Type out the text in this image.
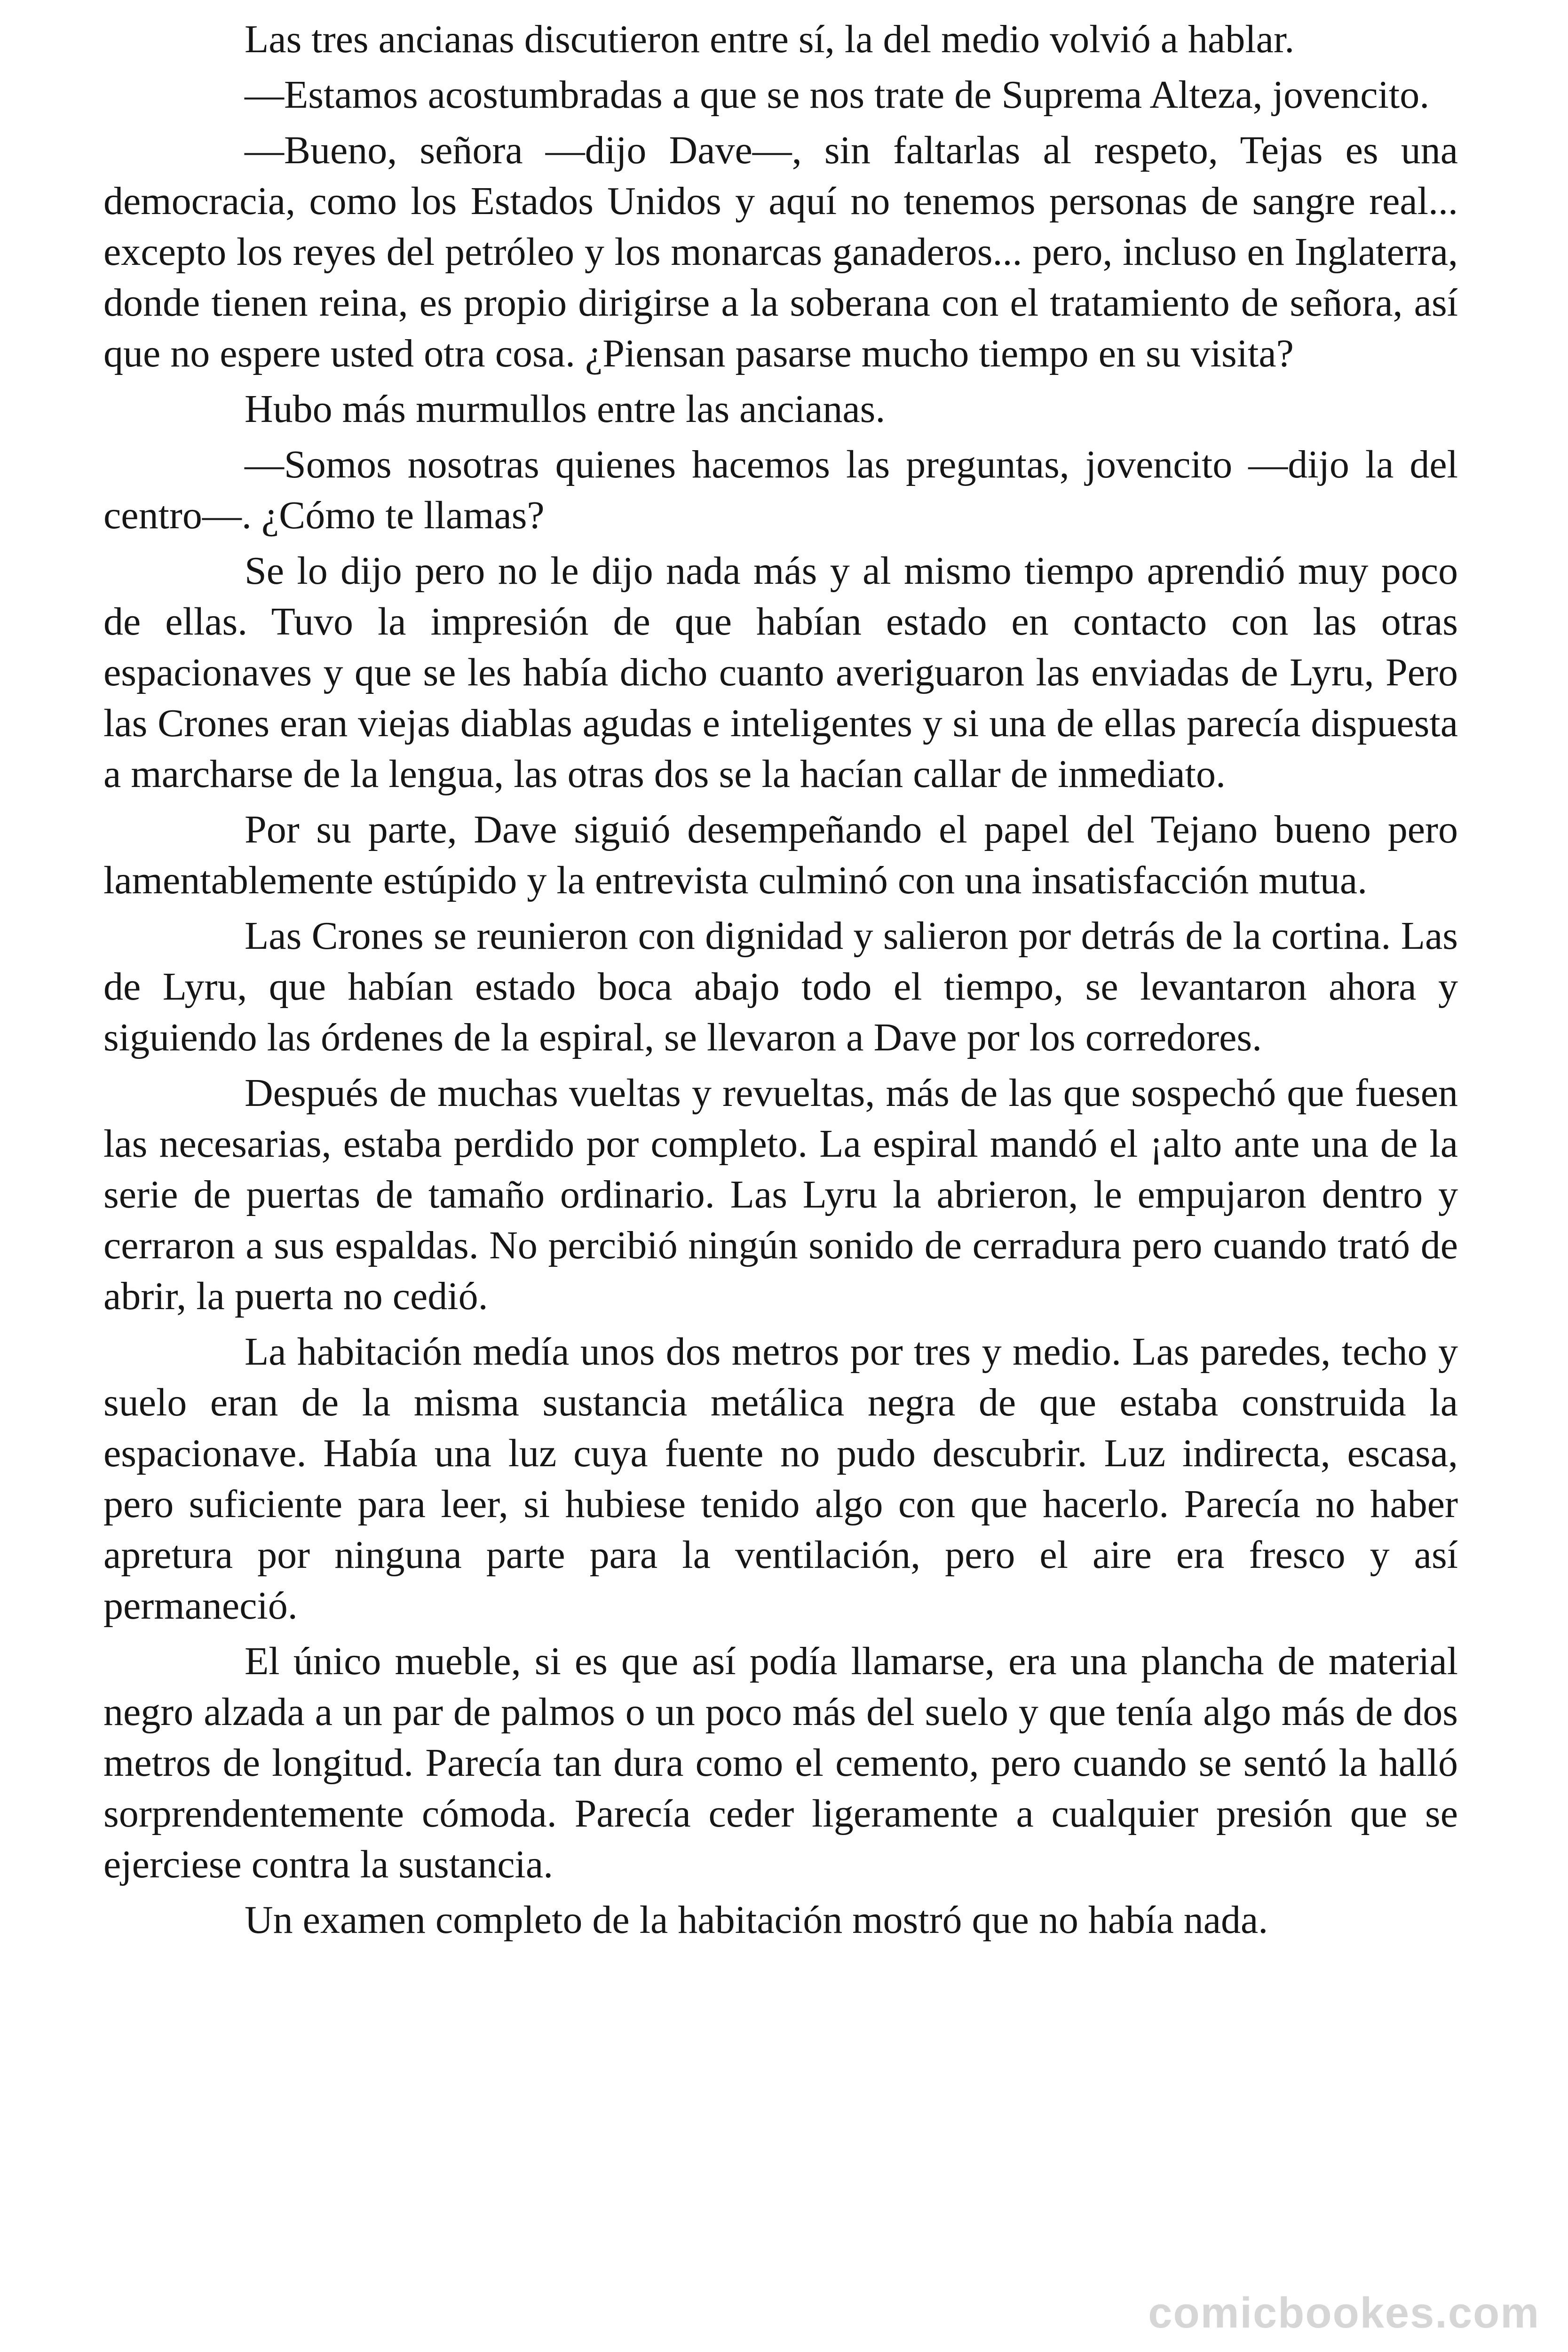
Las tres ancianas discutieron entre sí, la del medio volvió a hablar.

—Estamos acostumbradas a que se nos trate de Suprema Alteza, jovencito.

—Bueno, señora —dijo Dave—, sin faltarlas al respeto, Tejas es una democracia, como los Estados Unidos y aquí no tenemos personas de sangre real... excepto los reyes del petróleo y los monarcas ganaderos... pero, incluso en Inglaterra, donde tienen reina, es propio dirigirse a la soberana con el tratamiento de señora, así que no espere usted otra cosa. ¿Piensan pasarse mucho tiempo en su visita?

Hubo más murmullos entre las ancianas.

—Somos nosotras quienes hacemos las preguntas, jovencito —dijo la del centro—. ¿Cómo te llamas?

Se lo dijo pero no le dijo nada más y al mismo tiempo aprendió muy poco de ellas. Tuvo la impresión de que habían estado en contacto con las otras espacionaves y que se les había dicho cuanto averiguaron las enviadas de Lyru, Pero las Crones eran viejas diablas agudas e inteligentes y si una de ellas parecía dispuesta a marcharse de la lengua, las otras dos se la hacían callar de inmediato.

Por su parte, Dave siguió desempeñando el papel del Tejano bueno pero lamentablemente estúpido y la entrevista culminó con una insatisfacción mutua.

Las Crones se reunieron con dignidad y salieron por detrás de la cortina. Las de Lyru, que habían estado boca abajo todo el tiempo, se levantaron ahora y siguiendo las órdenes de la espiral, se llevaron a Dave por los corredores.

Después de muchas vueltas y revueltas, más de las que sospechó que fuesen las necesarias, estaba perdido por completo. La espiral mandó el ¡alto ante una de la serie de puertas de tamaño ordinario. Las Lyru la abrieron, le empujaron dentro y cerraron a sus espaldas. No percibió ningún sonido de cerradura pero cuando trató de abrir, la puerta no cedió.

La habitación medía unos dos metros por tres y medio. Las paredes, techo y suelo eran de la misma sustancia metálica negra de que estaba construida la espacionave. Había una luz cuya fuente no pudo descubrir. Luz indirecta, escasa, pero suficiente para leer, si hubiese tenido algo con que hacerlo. Parecía no haber apretura por ninguna parte para la ventilación, pero el aire era fresco y así permaneció.

El único mueble, si es que así podía llamarse, era una plancha de material negro alzada a un par de palmos o un poco más del suelo y que tenía algo más de dos metros de longitud. Parecía tan dura como el cemento, pero cuando se sentó la halló sorprendentemente cómoda. Parecía ceder ligeramente a cualquier presión que se ejerciese contra la sustancia.

Un examen completo de la habitación mostró que no había nada.

comicbookes.com
